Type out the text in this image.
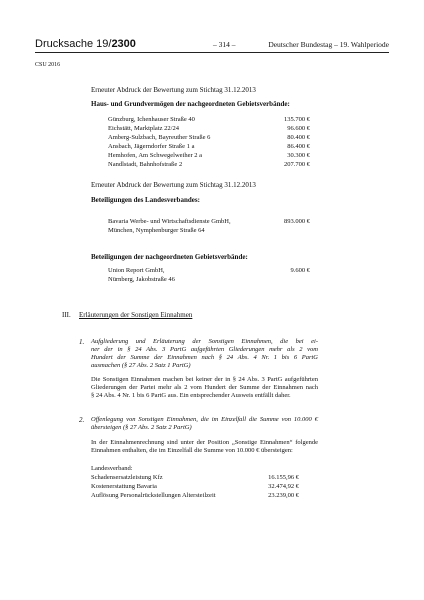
Drucksache 19/2300	– 314 –	Deutscher Bundestag – 19. Wahlperiode
CSU 2016
Erneuter Abdruck der Bewertung zum Stichtag 31.12.2013
Haus- und Grundvermögen der nachgeordneten Gebietsverbände:
Günzburg, Ichenhauser Straße 40	135.700 €
Eichstätt, Marktplatz 22/24	96.600 €
Amberg-Sulzbach, Bayreuther Straße 6	80.400 €
Ansbach, Jägerndorfer Straße 1 a	86.400 €
Hemhofen, Am Schwegelweiher 2 a	30.300 €
Nandlstadt, Bahnhofstraße 2	207.700 €
Erneuter Abdruck der Bewertung zum Stichtag 31.12.2013
Beteiligungen des Landesverbandes:
Bavaria Werbe- und Wirtschaftsdienste GmbH,	893.000 €
München, Nymphenburger Straße 64
Beteiligungen der nachgeordneten Gebietsverbände:
Union Report GmbH,	9.600 €
Nürnberg, Jakobstraße 46
III. Erläuterungen der Sonstigen Einnahmen
1. Aufgliederung und Erläuterung der Sonstigen Einnahmen, die bei ei-
ner der in § 24 Abs. 3 PartG aufgeführten Gliederungen mehr als 2 vom
Hundert der Summe der Einnahmen nach § 24 Abs. 4 Nr. 1 bis 6 PartG
ausmachen (§ 27 Abs. 2 Satz 1 PartG)
Die Sonstigen Einnahmen machen bei keiner der in § 24 Abs. 3 PartG aufgeführten
Gliederungen der Partei mehr als 2 vom Hundert der Summe der Einnahmen nach
§ 24 Abs. 4 Nr. 1 bis 6 PartG aus. Ein entsprechender Ausweis entfällt daher.
2. Offenlegung von Sonstigen Einnahmen, die im Einzelfall die Summe von 10.000 €
übersteigen (§ 27 Abs. 2 Satz 2 PartG)
In der Einnahmenrechnung sind unter der Position „Sonstige Einnahmen“ folgende
Einnahmen enthalten, die im Einzelfall die Summe von 10.000 € übersteigen:
Landesverband:
Schadensersatzleistung Kfz	16.155,96 €
Kostenerstattung Bavaria	32.474,92 €
Auflösung Personalrückstellungen Altersteilzeit	23.239,00 €
